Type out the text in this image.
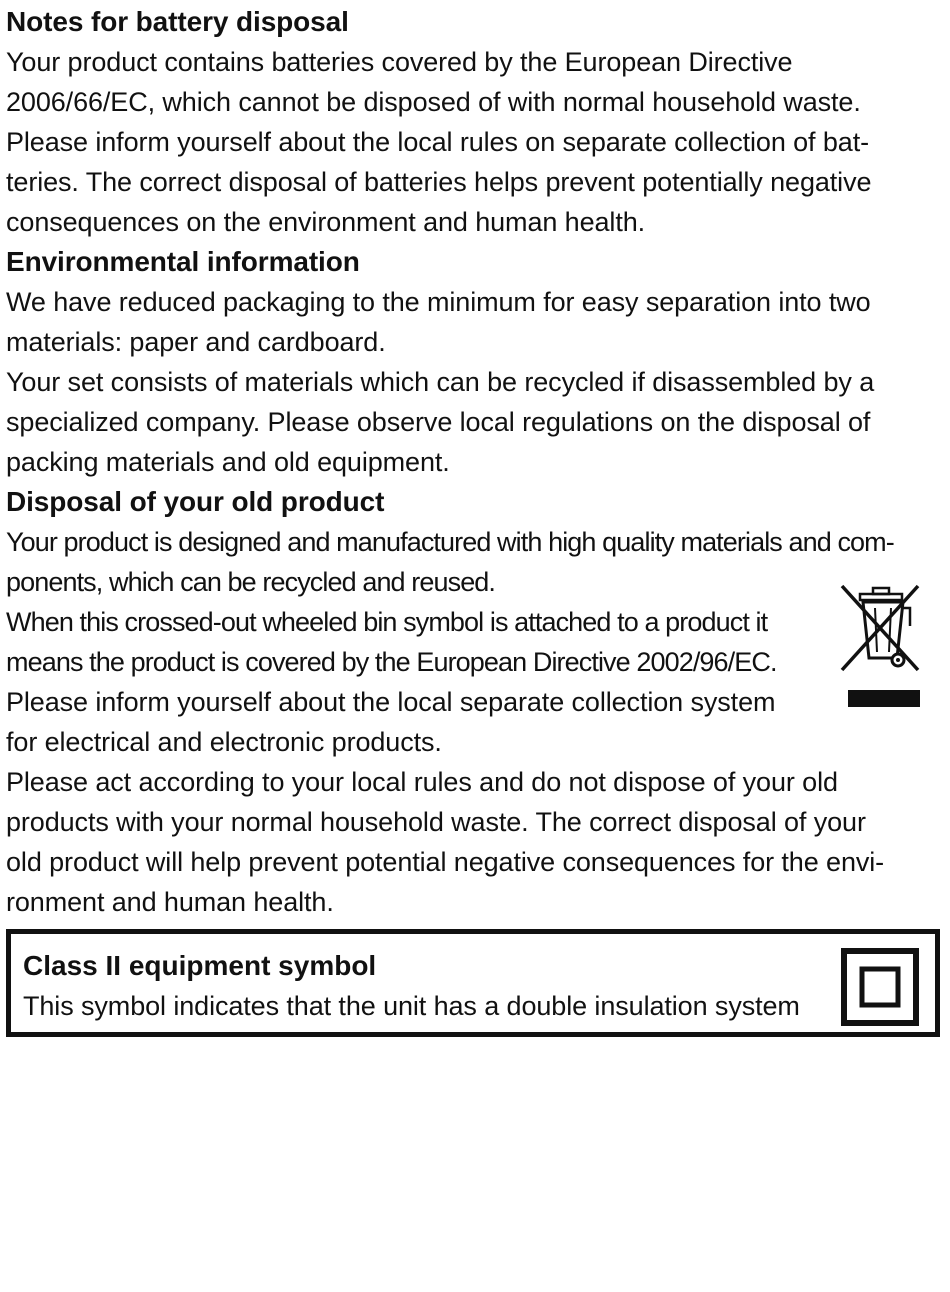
Notes for battery disposal
Your product contains batteries covered by the European Directive
2006/66/EC, which cannot be disposed of with normal household waste.
Please inform yourself about the local rules on separate collection of bat-
teries. The correct disposal of batteries helps prevent potentially negative
consequences on the environment and human health.
Environmental information
We have reduced packaging to the minimum for easy separation into two
materials: paper and cardboard.
Your set consists of materials which can be recycled if disassembled by a
specialized company. Please observe local regulations on the disposal of
packing materials and old equipment.
Disposal of your old product
Your product is designed and manufactured with high quality materials and com-
ponents, which can be recycled and reused.
When this crossed-out wheeled bin symbol is attached to a product it
means the product is covered by the European Directive 2002/96/EC.
Please inform yourself about the local separate collection system
for electrical and electronic products.
Please act according to your local rules and do not dispose of your old
products with your normal household waste. The correct disposal of your
old product will help prevent potential negative consequences for the envi-
ronment and human health.
Class II equipment symbol
This symbol indicates that the unit has a double insulation system
